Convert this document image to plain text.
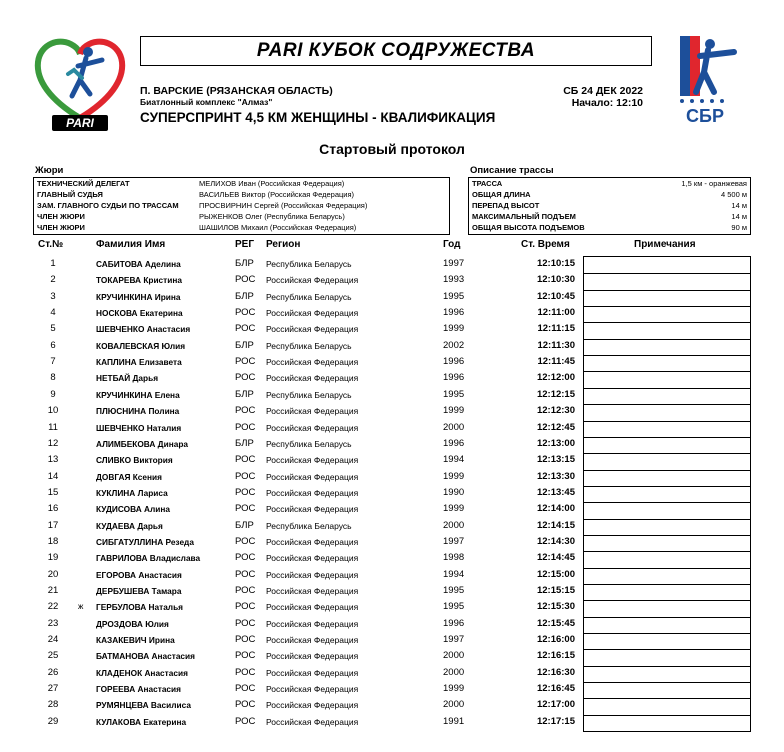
PARI	СБР
PARI КУБОК СОДРУЖЕСТВА
П. ВАРСКИЕ (РЯЗАНСКАЯ ОБЛАСТЬ)
Биатлонный комплекс "Алмаз"
СБ 24 ДЕК 2022
Начало: 12:10
СУПЕРСПРИНТ 4,5 КМ ЖЕНЩИНЫ - КВАЛИФИКАЦИЯ
Стартовый протокол
Жюри
ТЕХНИЧЕСКИЙ ДЕЛЕГАТ	МЕЛИХОВ Иван (Российская Федерация)
ГЛАВНЫЙ СУДЬЯ	ВАСИЛЬЕВ Виктор (Российская Федерация)
ЗАМ. ГЛАВНОГО СУДЬИ ПО ТРАССАМ	ПРОСВИРНИН Сергей (Российская Федерация)
ЧЛЕН ЖЮРИ	РЫЖЕНКОВ Олег (Республика Беларусь)
ЧЛЕН ЖЮРИ	ШАШИЛОВ Михаил (Российская Федерация)
Описание трассы
ТРАССА	1,5 км - оранжевая
ОБЩАЯ ДЛИНА	4 500 м
ПЕРЕПАД ВЫСОТ	14 м
МАКСИМАЛЬНЫЙ ПОДЪЕМ	14 м
ОБЩАЯ ВЫСОТА ПОДЪЕМОВ	90 м
Ст.№	Фамилия Имя	РЕГ Регион	Год	Ст. Время	Примечания
1	САБИТОВА Аделина	БЛР Республика Беларусь	1997	12:10:15
2	ТОКАРЕВА Кристина	РОС Российская Федерация	1993	12:10:30
3	КРУЧИНКИНА Ирина	БЛР Республика Беларусь	1995	12:10:45
4	НОСКОВА Екатерина	РОС Российская Федерация	1996	12:11:00
5	ШЕВЧЕНКО Анастасия	РОС Российская Федерация	1999	12:11:15
6	КОВАЛЕВСКАЯ Юлия	БЛР Республика Беларусь	2002	12:11:30
7	КАПЛИНА Елизавета	РОС Российская Федерация	1996	12:11:45
8	НЕТБАЙ Дарья	РОС Российская Федерация	1996	12:12:00
9	КРУЧИНКИНА Елена	БЛР Республика Беларусь	1995	12:12:15
10	ПЛЮСНИНА Полина	РОС Российская Федерация	1999	12:12:30
11	ШЕВЧЕНКО Наталия	РОС Российская Федерация	2000	12:12:45
12	АЛИМБЕКОВА Динара	БЛР Республика Беларусь	1996	12:13:00
13	СЛИВКО Виктория	РОС Российская Федерация	1994	12:13:15
14	ДОВГАЯ Ксения	РОС Российская Федерация	1999	12:13:30
15	КУКЛИНА Лариса	РОС Российская Федерация	1990	12:13:45
16	КУДИСОВА Алина	РОС Российская Федерация	1999	12:14:00
17	КУДАЕВА Дарья	БЛР Республика Беларусь	2000	12:14:15
18	СИБГАТУЛЛИНА Резеда	РОС Российская Федерация	1997	12:14:30
19	ГАВРИЛОВА Владислава	РОС Российская Федерация	1998	12:14:45
20	ЕГОРОВА Анастасия	РОС Российская Федерация	1994	12:15:00
21	ДЕРБУШЕВА Тамара	РОС Российская Федерация	1995	12:15:15
22	ж ГЕРБУЛОВА Наталья	РОС Российская Федерация	1995	12:15:30
23	ДРОЗДОВА Юлия	РОС Российская Федерация	1996	12:15:45
24	КАЗАКЕВИЧ Ирина	РОС Российская Федерация	1997	12:16:00
25	БАТМАНОВА Анастасия	РОС Российская Федерация	2000	12:16:15
26	КЛАДЕНОК Анастасия	РОС Российская Федерация	2000	12:16:30
27	ГОРЕЕВА Анастасия	РОС Российская Федерация	1999	12:16:45
28	РУМЯНЦЕВА Василиса	РОС Российская Федерация	2000	12:17:00
29	КУЛАКОВА Екатерина	РОС Российская Федерация	1991	12:17:15
